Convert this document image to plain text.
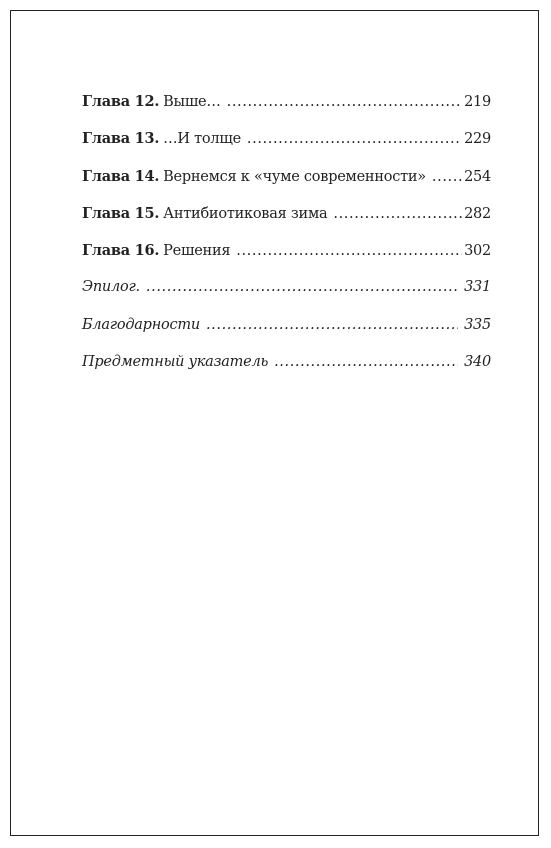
Глава 12. Выше… .....	219
Глава 13. …И толще .....	229
Глава 14. Вернемся к «чуме современности» .....	254
Глава 15. Антибиотиковая зима .....	282
Глава 16. Решения .....	302
Эпилог. .....	331
Благодарности .....	335
Предметный указатель .....	340
